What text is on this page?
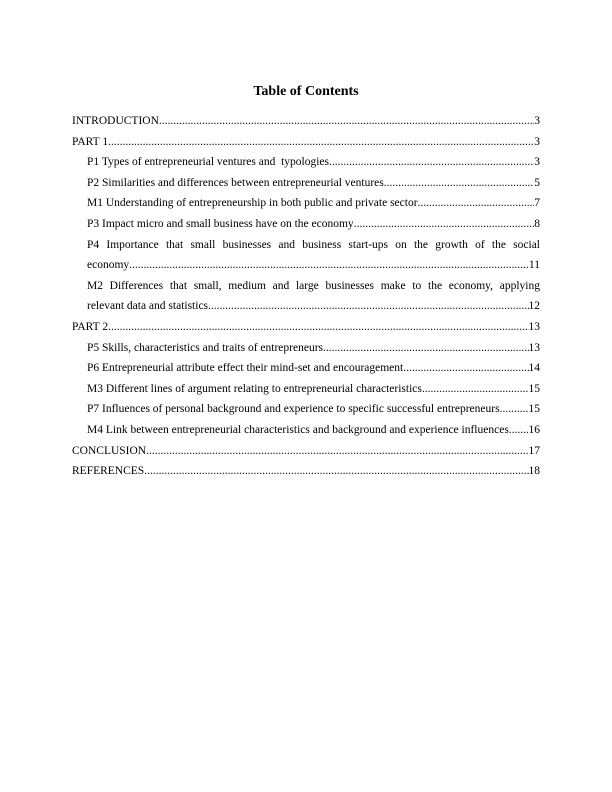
Table of Contents
INTRODUCTION .....	3
PART 1 .....	3
P1 Types of entrepreneurial ventures and  typologies .....	3
P2 Similarities and differences between entrepreneurial ventures .....	5
M1 Understanding of entrepreneurship in both public and private sector .....	7
P3 Impact micro and small business have on the economy .....	8
P4 Importance that small businesses and business start-ups on the growth of the social
economy .....	11
M2 Differences that small, medium and large businesses make to the economy, applying
relevant data and statistics .....	12
PART 2 .....	13
P5 Skills, characteristics and traits of entrepreneurs .....	13
P6 Entrepreneurial attribute effect their mind-set and encouragement .....	14
M3 Different lines of argument relating to entrepreneurial characteristics .....	15
P7 Influences of personal background and experience to specific successful entrepreneurs .....	15
M4 Link between entrepreneurial characteristics and background and experience influences ..... 16
CONCLUSION .....	17
REFERENCES .....	18
